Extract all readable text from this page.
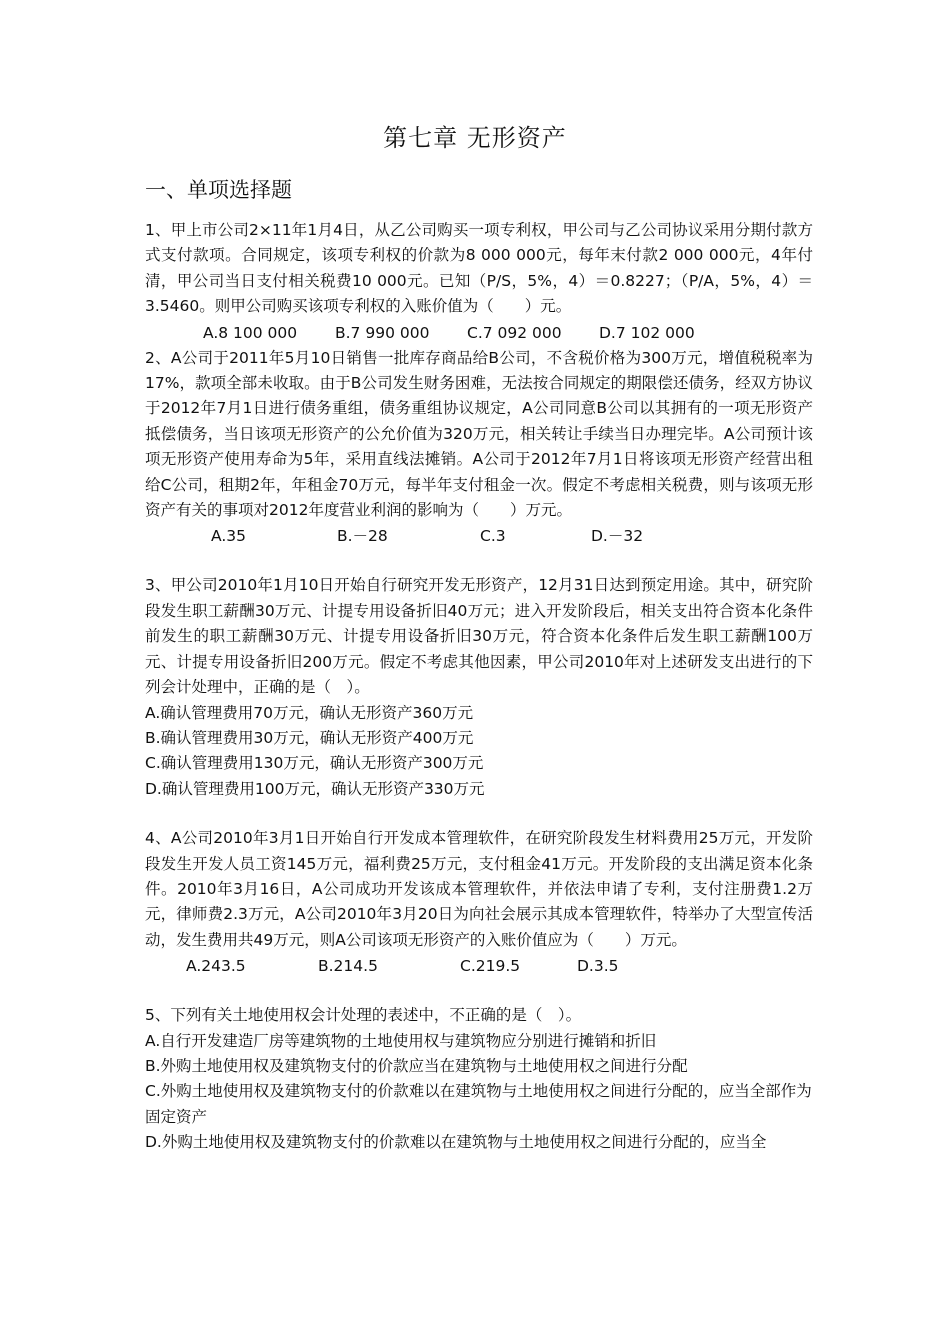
第七章 无形资产
一、单项选择题

1、甲上市公司2×11年1月4日，从乙公司购买一项专利权，甲公司与乙公司协议采用分期付款方式支付款项。合同规定，该项专利权的价款为8 000 000元，每年末付款2 000 000元，4年付清，甲公司当日支付相关税费10 000元。已知（P/S，5%，4）＝0.8227；（P/A，5%，4）＝3.5460。则甲公司购买该项专利权的入账价值为（　　）元。

A.8 100 000	B.7 990 000	C.7 092 000	D.7 102 000

2、A公司于2011年5月10日销售一批库存商品给B公司，不含税价格为300万元，增值税税率为17%，款项全部未收取。由于B公司发生财务困难，无法按合同规定的期限偿还债务，经双方协议于2012年7月1日进行债务重组，债务重组协议规定，A公司同意B公司以其拥有的一项无形资产抵偿债务，当日该项无形资产的公允价值为320万元，相关转让手续当日办理完毕。A公司预计该项无形资产使用寿命为5年，采用直线法摊销。A公司于2012年7月1日将该项无形资产经营出租给C公司，租期2年，年租金70万元，每半年支付租金一次。假定不考虑相关税费，则与该项无形资产有关的事项对2012年度营业利润的影响为（　　）万元。

A.35	B.－28	C.3	D.－32

3、甲公司2010年1月10日开始自行研究开发无形资产，12月31日达到预定用途。其中，研究阶段发生职工薪酬30万元、计提专用设备折旧40万元；进入开发阶段后，相关支出符合资本化条件前发生的职工薪酬30万元、计提专用设备折旧30万元，符合资本化条件后发生职工薪酬100万元、计提专用设备折旧200万元。假定不考虑其他因素，甲公司2010年对上述研发支出进行的下列会计处理中，正确的是（　）。

A.确认管理费用70万元，确认无形资产360万元
B.确认管理费用30万元，确认无形资产400万元
C.确认管理费用130万元，确认无形资产300万元
D.确认管理费用100万元，确认无形资产330万元

4、A公司2010年3月1日开始自行开发成本管理软件，在研究阶段发生材料费用25万元，开发阶段发生开发人员工资145万元，福利费25万元，支付租金41万元。开发阶段的支出满足资本化条件。2010年3月16日，A公司成功开发该成本管理软件，并依法申请了专利，支付注册费1.2万元，律师费2.3万元，A公司2010年3月20日为向社会展示其成本管理软件，特举办了大型宣传活动，发生费用共49万元，则A公司该项无形资产的入账价值应为（　　）万元。

A.243.5	B.214.5	C.219.5	D.3.5

5、下列有关土地使用权会计处理的表述中，不正确的是（　）。

A.自行开发建造厂房等建筑物的土地使用权与建筑物应分别进行摊销和折旧
B.外购土地使用权及建筑物支付的价款应当在建筑物与土地使用权之间进行分配
C.外购土地使用权及建筑物支付的价款难以在建筑物与土地使用权之间进行分配的，应当全部作为固定资产
D.外购土地使用权及建筑物支付的价款难以在建筑物与土地使用权之间进行分配的，应当全
